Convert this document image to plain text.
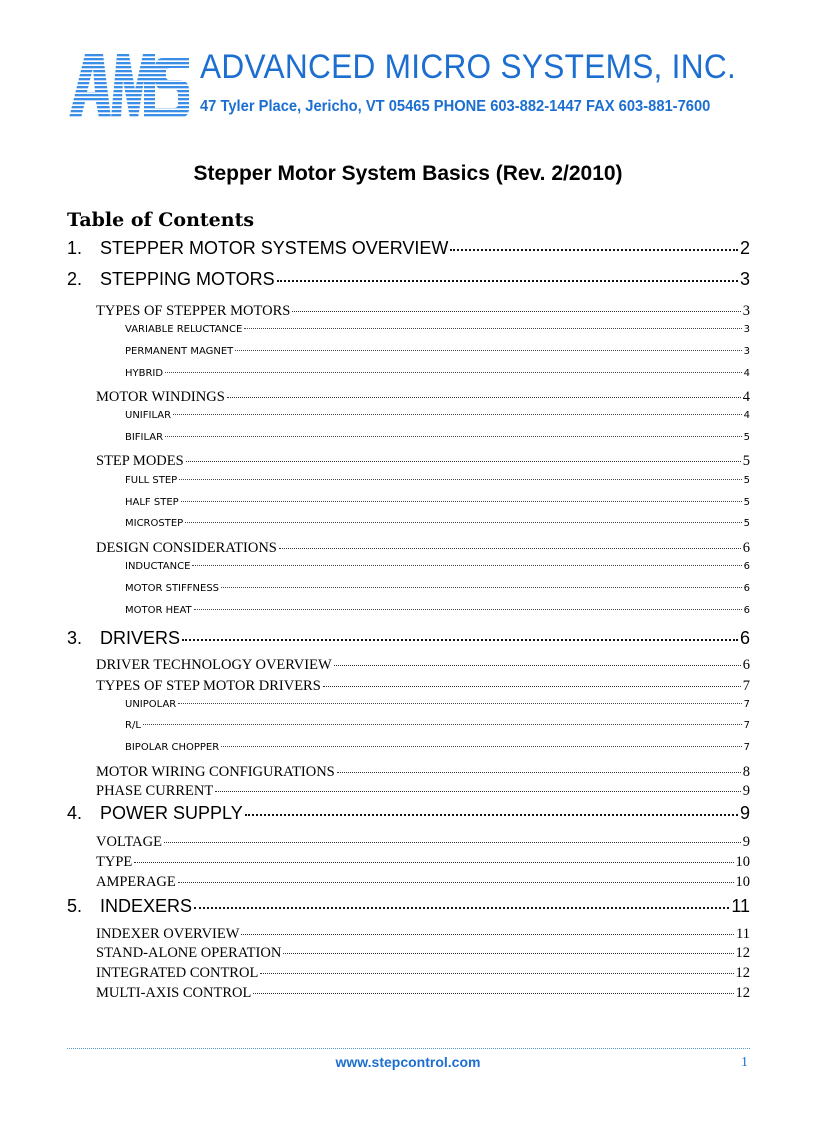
ADVANCED MICRO SYSTEMS, INC.
47 Tyler Place, Jericho, VT 05465 PHONE 603-882-1447 FAX 603-881-7600
Stepper Motor System Basics (Rev. 2/2010)
Table of Contents
1. STEPPER MOTOR SYSTEMS OVERVIEW	2
2. STEPPING MOTORS	3
TYPES OF STEPPER MOTORS	3
VARIABLE RELUCTANCE	3
PERMANENT MAGNET	3
HYBRID	4
MOTOR WINDINGS	4
UNIFILAR	4
BIFILAR	5
STEP MODES	5
FULL STEP	5
HALF STEP	5
MICROSTEP	5
DESIGN CONSIDERATIONS	6
INDUCTANCE	6
MOTOR STIFFNESS	6
MOTOR HEAT	6
3. DRIVERS	6
DRIVER TECHNOLOGY OVERVIEW	6
TYPES OF STEP MOTOR DRIVERS	7
UNIPOLAR	7
R/L	7
BIPOLAR CHOPPER	7
MOTOR WIRING CONFIGURATIONS	8
PHASE CURRENT	9
4. POWER SUPPLY	9
VOLTAGE	9
TYPE	10
AMPERAGE	10
5. INDEXERS	11
INDEXER OVERVIEW	11
STAND-ALONE OPERATION	12
INTEGRATED CONTROL	12
MULTI-AXIS CONTROL	12
www.stepcontrol.com	1
